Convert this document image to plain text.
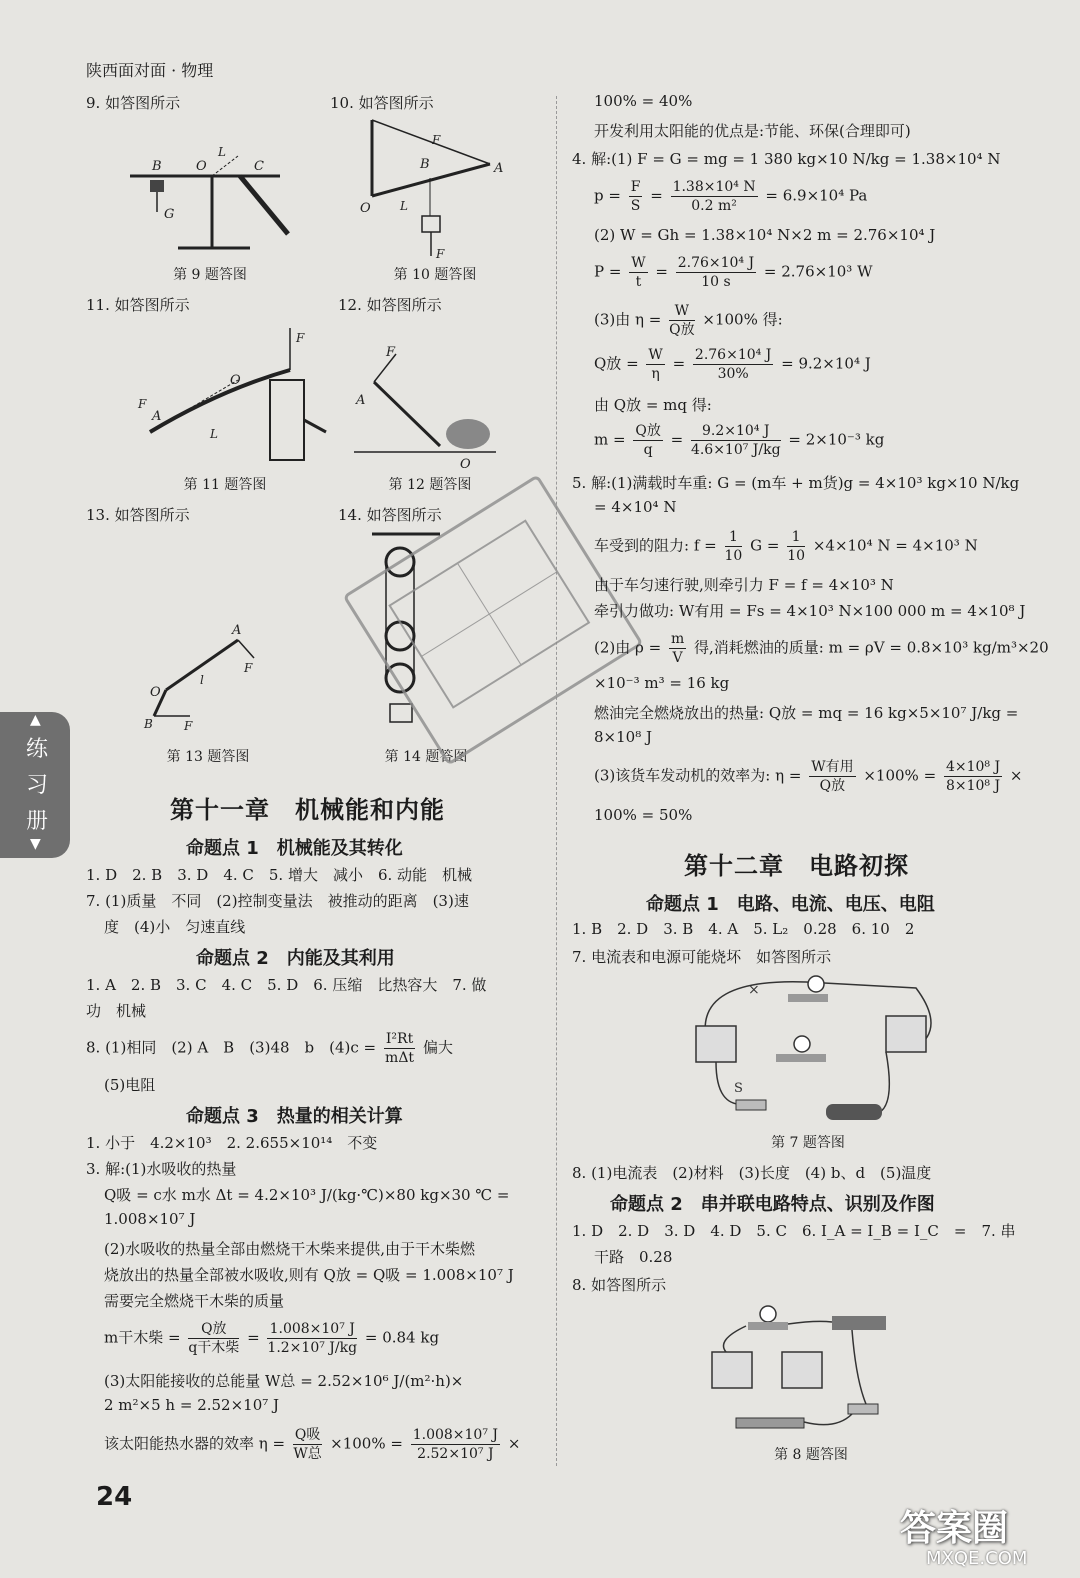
陕西面对面 · 物理
▲
练
习
册
▼
9. 如答图所示	10. 如答图所示
G
B	O	C
L
第 9 题答图
F
F
B	A
O L
第 10 题答图
11. 如答图所示	12. 如答图所示
F
O
A
F
L
第 11 题答图
F
A
O
第 12 题答图
13. 如答图所示	14. 如答图所示
A
F
O
l
F
B
第 13 题答图	第 14 题答图
第十一章　机械能和内能
命题点 1　机械能及其转化
1. D　2. B　3. D　4. C　5. 增大　减小　6. 动能　机械
7. (1)质量　不同　(2)控制变量法　被推动的距离　(3)速
度　(4)小　匀速直线
命题点 2　内能及其利用
1. A　2. B　3. C　4. C　5. D　6. 压缩　比热容大　7. 做
功　机械
8. (1)相同　(2) A　B　(3)48　b　$(4)c = \frac{\text{I²Rt}}{\text{mΔt}}$ 偏大
(5)电阻
命题点 3　热量的相关计算
1. 小于　4.2×10³　2. 2.655×10¹⁴　不变
3. 解:(1)水吸收的热量
Q吸 = c水 m水 Δt = 4.2×10³ J/(kg·℃)×80 kg×30 ℃ =
1.008×10⁷ J
(2)水吸收的热量全部由燃烧干木柴来提供,由于干木柴燃
烧放出的热量全部被水吸收,则有 Q放 = Q吸 = 1.008×10⁷ J
需要完全燃烧干木柴的质量
m干木柴 = $\frac{\text{Q放}}{\text{q干木柴}} = \frac{\text{1.008×10⁷ J}}{\text{1.2×10⁷ J/kg}} = 0.84$ kg
(3)太阳能接收的总能量 W总 = 2.52×10⁶ J/(m²·h)×
2 m²×5 h = 2.52×10⁷ J
该太阳能热水器的效率 $\eta = \frac{\text{Q吸}}{\text{W总}} \times 100\% = \frac{\text{1.008×10⁷ J}}{\text{2.52×10⁷ J}}$ ×
24
100% = 40%
开发利用太阳能的优点是:节能、环保(合理即可)
4. 解:(1) F = G = mg = 1 380 kg×10 N/kg = 1.38×10⁴ N
$p = \frac{F}{S} = \frac{\text{1.38×10⁴ N}}{\text{0.2 m²}} = 6.9\times 10^4$ Pa
(2) W = Gh = 1.38×10⁴ N×2 m = 2.76×10⁴ J
$P = \frac{W}{t} = \frac{\text{2.76×10⁴ J}}{10 s} = 2.76\times 10^3$ W
(3)由 $\eta = \frac{W}{\text{Q放}} \times 100\%$ 得:
Q放 = $\frac{W}{\eta} = \frac{\text{2.76×10⁴ J}}{30\%} = 9.2\times 10^4$ J
由 Q放 = mq 得:
$m = \frac{\text{Q放}}{q} = \frac{\text{9.2×10⁴ J}}{\text{4.6×10⁷ J/kg}} = 2\times 10^{-3}$ kg
5. 解:(1)满载时车重: G = (m车 + m货)g = 4×10³ kg×10 N/kg
= 4×10⁴ N
车受到的阻力: $f = \frac{1}{10}$ $G = \frac{1}{10} \times 4\times 10^4$ N = 4×10³ N
由于车匀速行驶,则牵引力 F = f = 4×10³ N
牵引力做功: W有用 = Fs = 4×10³ N×100 000 m = 4×10⁸ J
(2)由 $\rho = \frac{m}{V}$ 得,消耗燃油的质量: m = ρV = 0.8×10³ kg/m³×20
×10⁻³ m³ = 16 kg
燃油完全燃烧放出的热量: Q放 = mq = 16 kg×5×10⁷ J/kg =
8×10⁸ J
(3)该货车发动机的效率为: $\eta = \frac{\text{W有用}}{\text{Q放}} \times 100\% = \frac{\text{4×10⁸ J}}{\text{8×10⁸ J}}$ ×
100% = 50%
第十二章　电路初探
命题点 1　电路、电流、电压、电阻
1. B　2. D　3. B　4. A　5. L₂　0.28　6. 10　2
7. 电流表和电源可能烧坏　如答图所示
×
S
第 7 题答图
8. (1)电流表　(2)材料　(3)长度　(4) b、d　(5)温度
命题点 2　串并联电路特点、识别及作图
1. D　2. D　3. D　4. D　5. C　6. I_A = I_B = I_C　=　7. 串
干路　0.28
8. 如答图所示
第 8 题答图
答案圈
MXQE.COM
